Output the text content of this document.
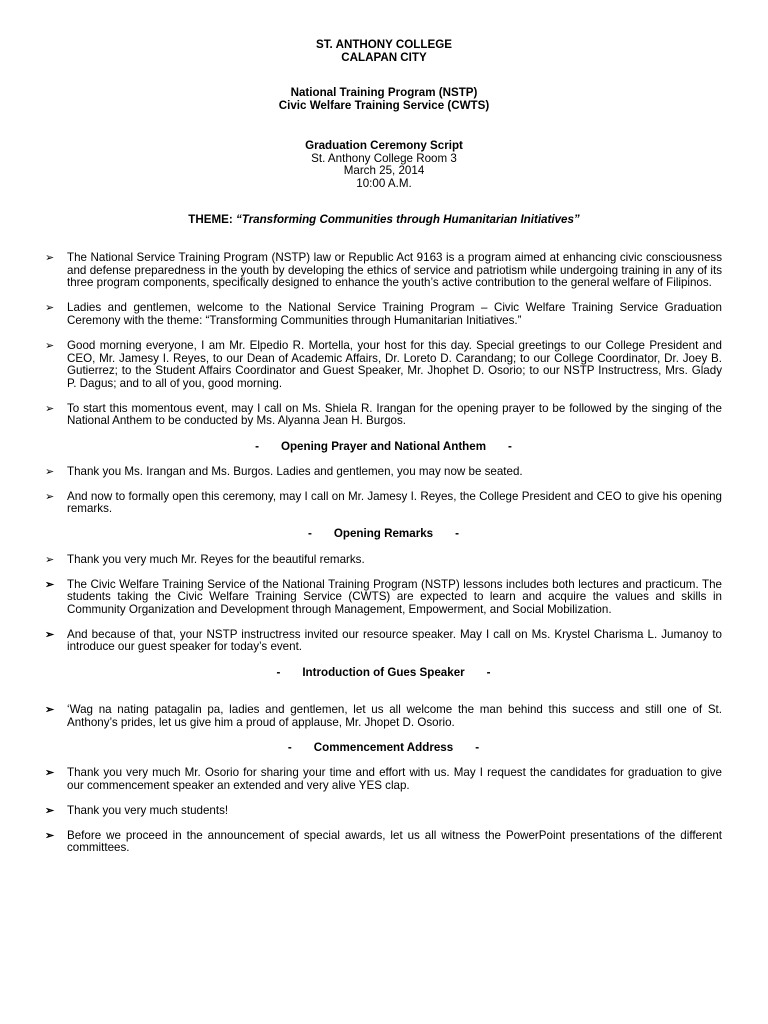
ST. ANTHONY COLLEGE
CALAPAN CITY
National Training Program (NSTP)
Civic Welfare Training Service (CWTS)
Graduation Ceremony Script
St. Anthony College Room 3
March 25, 2014
10:00 A.M.
THEME: “Transforming Communities through Humanitarian Initiatives”
➢	The National Service Training Program (NSTP) law or Republic Act 9163 is a program aimed at enhancing civic consciousness and defense preparedness in the youth by developing the ethics of service and patriotism while undergoing training in any of its three program components, specifically designed to enhance the youth’s active contribution to the general welfare of Filipinos.
➢	Ladies and gentlemen, welcome to the National Service Training Program – Civic Welfare Training Service Graduation Ceremony with the theme: “Transforming Communities through Humanitarian Initiatives.”
➢	Good morning everyone, I am Mr. Elpedio R. Mortella, your host for this day. Special greetings to our College President and CEO, Mr. Jamesy I. Reyes, to our Dean of Academic Affairs, Dr. Loreto D. Carandang; to our College Coordinator, Dr. Joey B. Gutierrez; to the Student Affairs Coordinator and Guest Speaker, Mr. Jhophet D. Osorio; to our NSTP Instructress, Mrs. Glady P. Dagus; and to all of you, good morning.
➢	To start this momentous event, may I call on Ms. Shiela R. Irangan for the opening prayer to be followed by the singing of the National Anthem to be conducted by Ms. Alyanna Jean H. Burgos.
- Opening Prayer and National Anthem -
➢	Thank you Ms. Irangan and Ms. Burgos. Ladies and gentlemen, you may now be seated.
➢	And now to formally open this ceremony, may I call on Mr. Jamesy I. Reyes, the College President and CEO to give his opening remarks.
- Opening Remarks -
➢	Thank you very much Mr. Reyes for the beautiful remarks.
➢	The Civic Welfare Training Service of the National Training Program (NSTP) lessons includes both lectures and practicum. The students taking the Civic Welfare Training Service (CWTS) are expected to learn and acquire the values and skills in Community Organization and Development through Management, Empowerment, and Social Mobilization.
➢	And because of that, your NSTP instructress invited our resource speaker. May I call on Ms. Krystel Charisma L. Jumanoy to introduce our guest speaker for today’s event.
- Introduction of Gues Speaker -
➢	‘Wag na nating patagalin pa, ladies and gentlemen, let us all welcome the man behind this success and still one of St. Anthony’s prides, let us give him a proud of applause, Mr. Jhopet D. Osorio.
- Commencement Address -
➢	Thank you very much Mr. Osorio for sharing your time and effort with us. May I request the candidates for graduation to give our commencement speaker an extended and very alive YES clap.
➢	Thank you very much students!
➢	Before we proceed in the announcement of special awards, let us all witness the PowerPoint presentations of the different committees.
